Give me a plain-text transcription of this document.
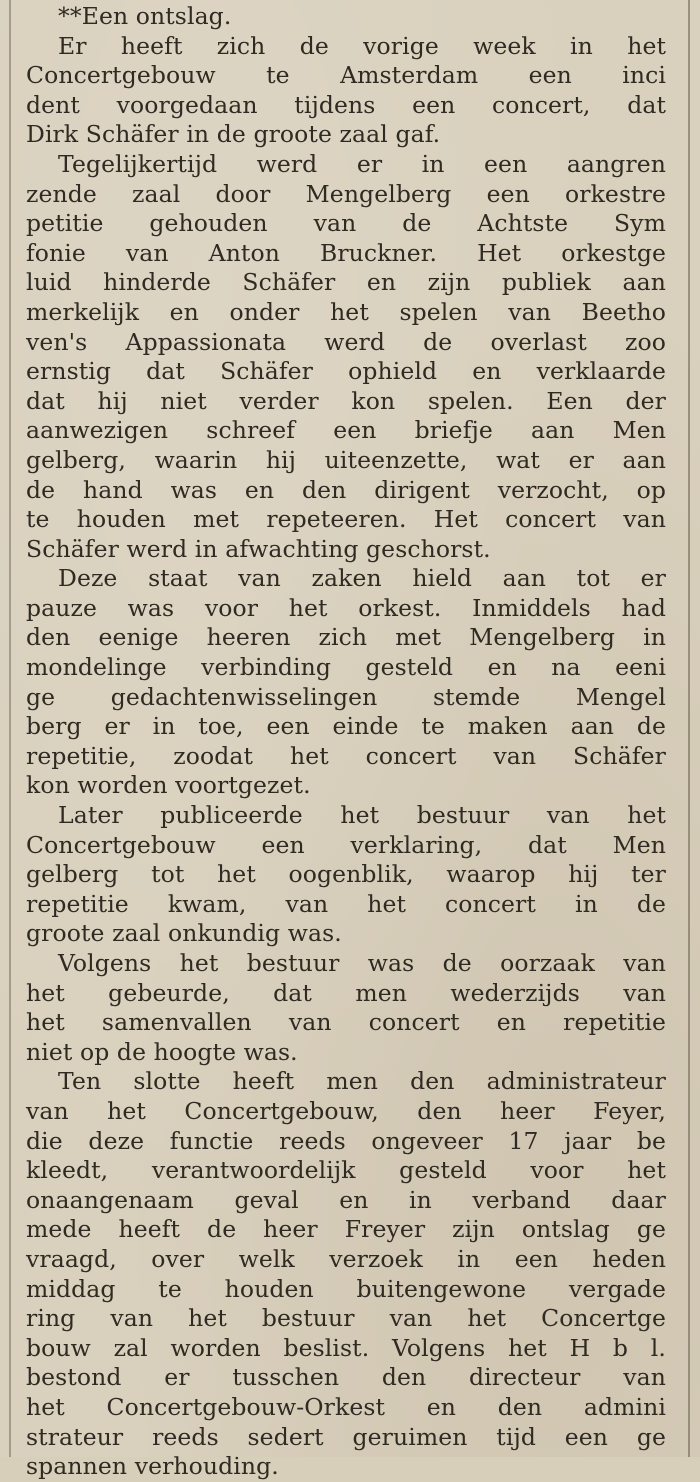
**Een ontslag.
Er heeft zich de vorige week in het
Concertgebouw te Amsterdam een inci
dent voorgedaan tijdens een concert, dat
Dirk Schäfer in de groote zaal gaf.
Tegelijkertijd werd er in een aangren
zende zaal door Mengelberg een orkestre
petitie gehouden van de Achtste Sym
fonie van Anton Bruckner. Het orkestge
luid hinderde Schäfer en zijn publiek aan
merkelijk en onder het spelen van Beetho
ven's Appassionata werd de overlast zoo
ernstig dat Schäfer ophield en verklaarde
dat hij niet verder kon spelen. Een der
aanwezigen schreef een briefje aan Men
gelberg, waarin hij uiteenzette, wat er aan
de hand was en den dirigent verzocht, op
te houden met repeteeren. Het concert van
Schäfer werd in afwachting geschorst.
Deze staat van zaken hield aan tot er
pauze was voor het orkest. Inmiddels had
den eenige heeren zich met Mengelberg in
mondelinge verbinding gesteld en na eeni
ge gedachtenwisselingen stemde Mengel
berg er in toe, een einde te maken aan de
repetitie, zoodat het concert van Schäfer
kon worden voortgezet.
Later publiceerde het bestuur van het
Concertgebouw een verklaring, dat Men
gelberg tot het oogenblik, waarop hij ter
repetitie kwam, van het concert in de
groote zaal onkundig was.
Volgens het bestuur was de oorzaak van
het gebeurde, dat men wederzijds van
het samenvallen van concert en repetitie
niet op de hoogte was.
Ten slotte heeft men den administrateur
van het Concertgebouw, den heer Feyer,
die deze functie reeds ongeveer 17 jaar be
kleedt, verantwoordelijk gesteld voor het
onaangenaam geval en in verband daar
mede heeft de heer Freyer zijn ontslag ge
vraagd, over welk verzoek in een heden
middag te houden buitengewone vergade
ring van het bestuur van het Concertge
bouw zal worden beslist. Volgens het H b l.
bestond er tusschen den directeur van
het Concertgebouw-Orkest en den admini
strateur reeds sedert geruimen tijd een ge
spannen verhouding.
